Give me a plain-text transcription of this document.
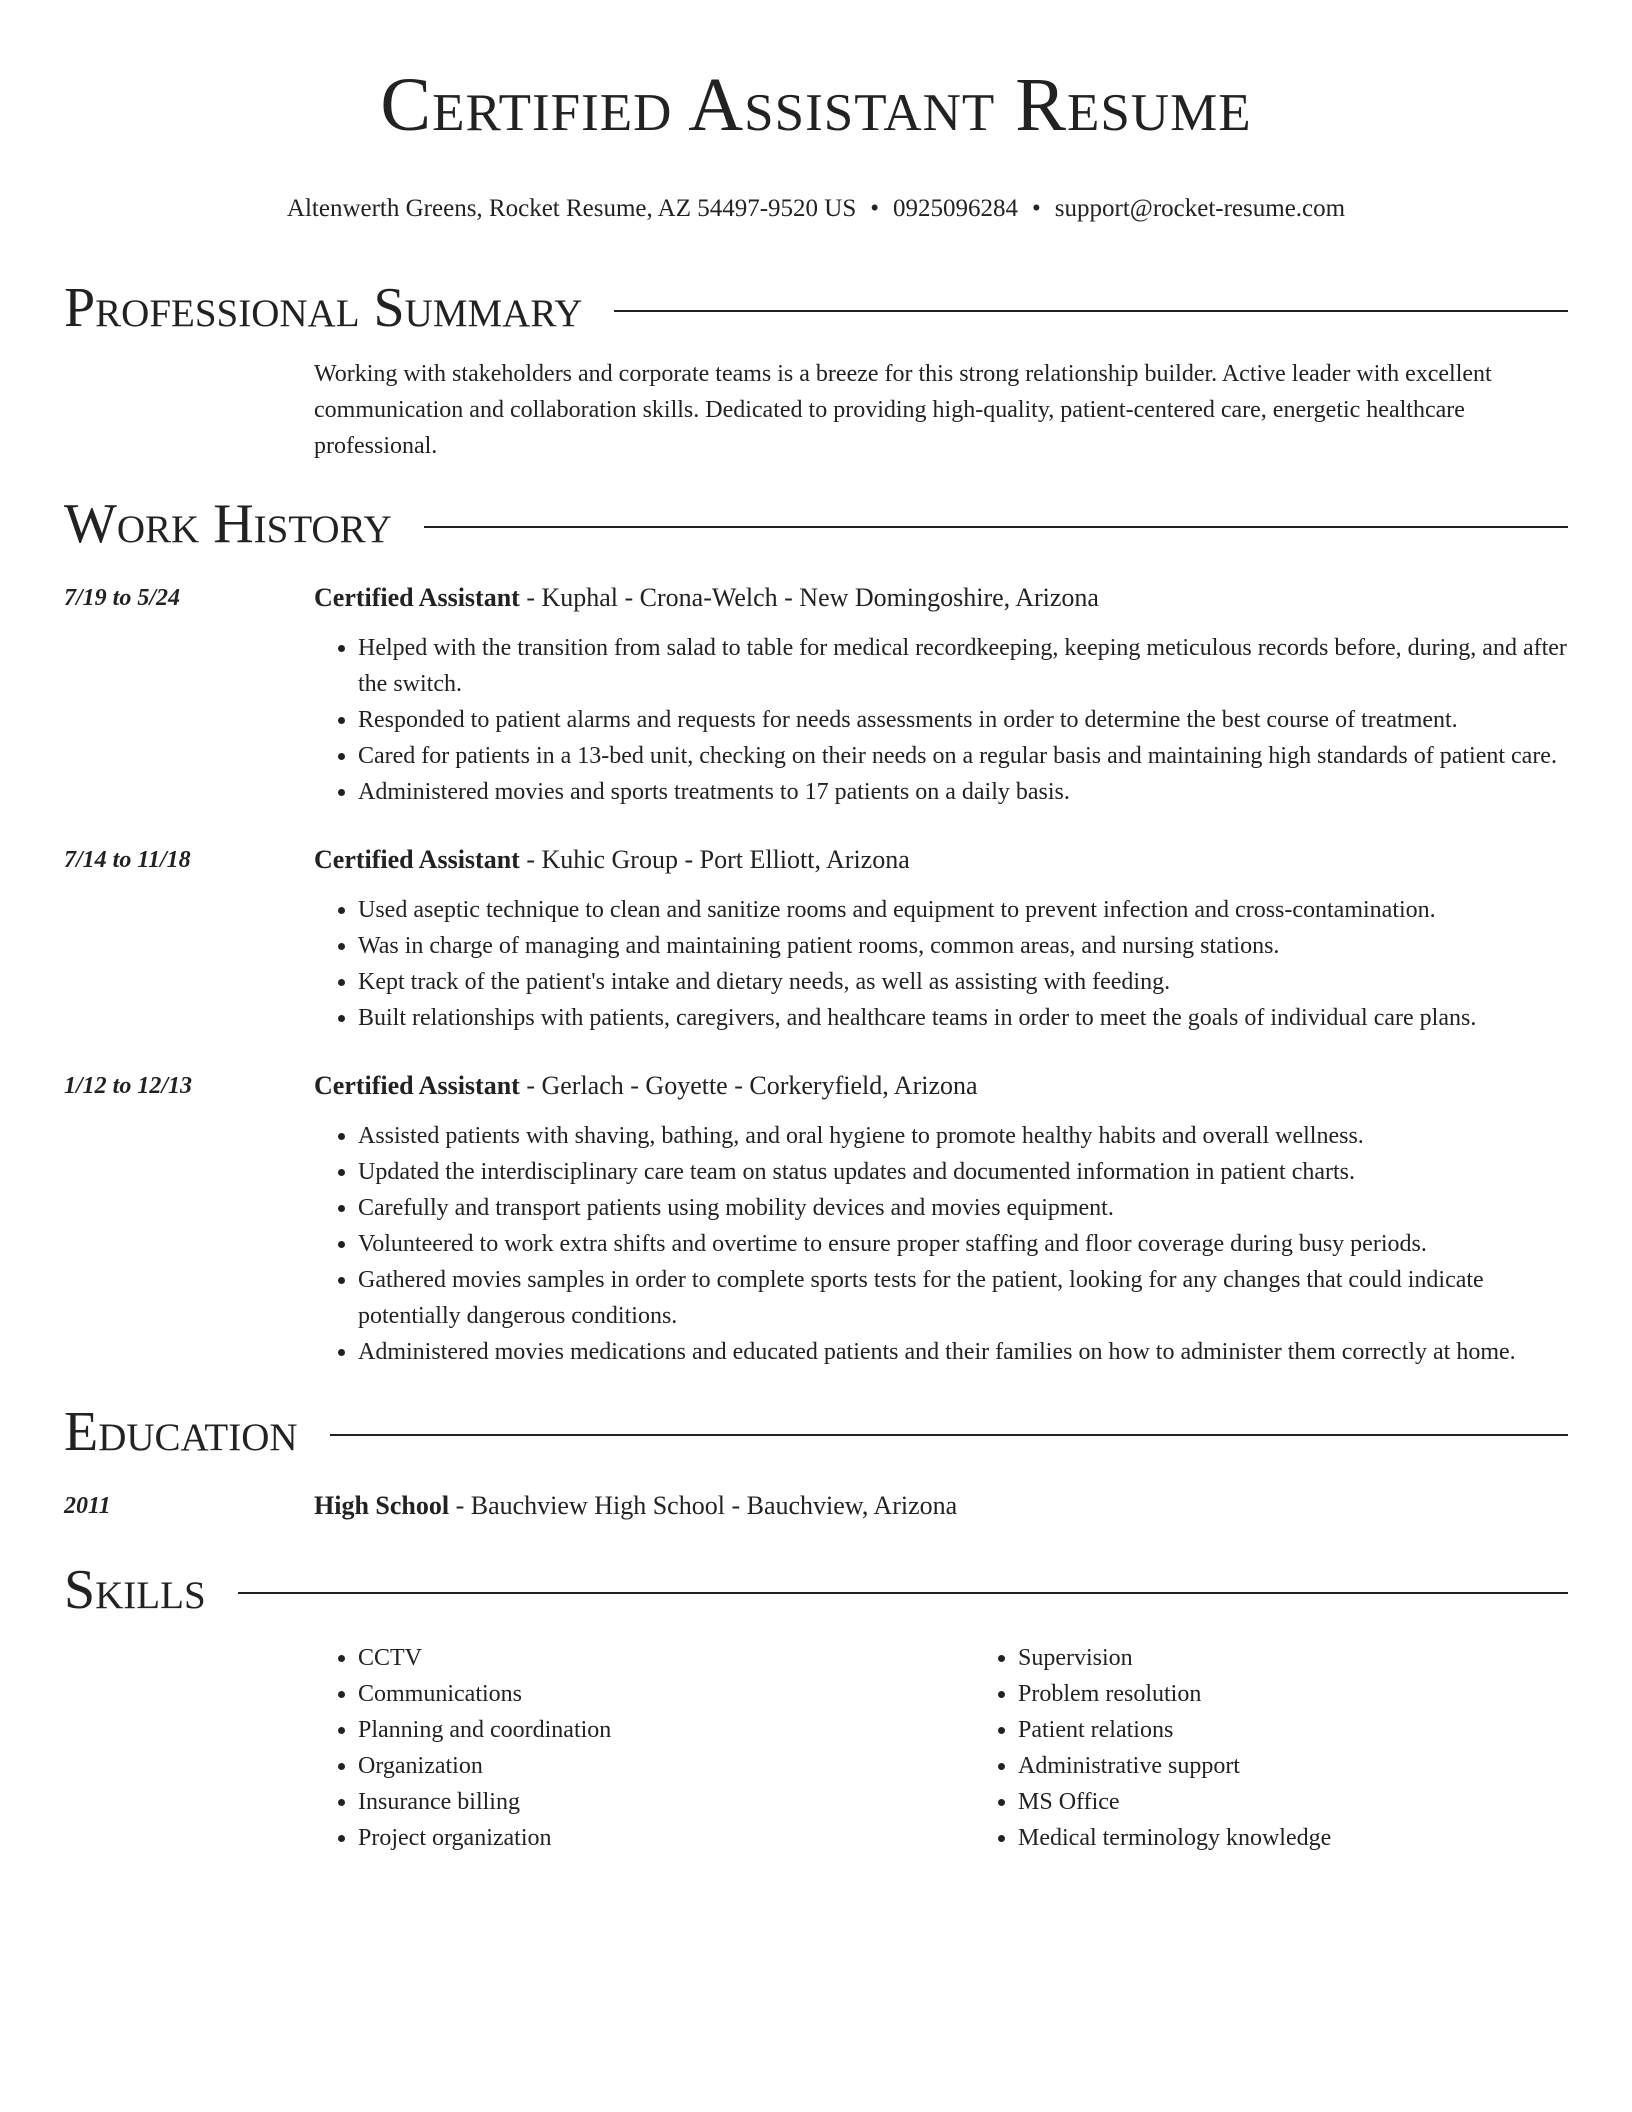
Certified Assistant Resume
Altenwerth Greens, Rocket Resume, AZ 54497-9520 US • 0925096284 • support@rocket-resume.com
Professional Summary
Working with stakeholders and corporate teams is a breeze for this strong relationship builder. Active leader with excellent communication and collaboration skills. Dedicated to providing high-quality, patient-centered care, energetic healthcare professional.
Work History
7/19 to 5/24	Certified Assistant - Kuphal - Crona-Welch - New Domingoshire, Arizona
• Helped with the transition from salad to table for medical recordkeeping, keeping meticulous records before, during, and after the switch.
• Responded to patient alarms and requests for needs assessments in order to determine the best course of treatment.
• Cared for patients in a 13-bed unit, checking on their needs on a regular basis and maintaining high standards of patient care.
• Administered movies and sports treatments to 17 patients on a daily basis.
7/14 to 11/18	Certified Assistant - Kuhic Group - Port Elliott, Arizona
• Used aseptic technique to clean and sanitize rooms and equipment to prevent infection and cross-contamination.
• Was in charge of managing and maintaining patient rooms, common areas, and nursing stations.
• Kept track of the patient's intake and dietary needs, as well as assisting with feeding.
• Built relationships with patients, caregivers, and healthcare teams in order to meet the goals of individual care plans.
1/12 to 12/13	Certified Assistant - Gerlach - Goyette - Corkeryfield, Arizona
• Assisted patients with shaving, bathing, and oral hygiene to promote healthy habits and overall wellness.
• Updated the interdisciplinary care team on status updates and documented information in patient charts.
• Carefully and transport patients using mobility devices and movies equipment.
• Volunteered to work extra shifts and overtime to ensure proper staffing and floor coverage during busy periods.
• Gathered movies samples in order to complete sports tests for the patient, looking for any changes that could indicate potentially dangerous conditions.
• Administered movies medications and educated patients and their families on how to administer them correctly at home.
Education
2011	High School - Bauchview High School - Bauchview, Arizona
Skills
• CCTV
• Communications
• Planning and coordination
• Organization
• Insurance billing
• Project organization
• Supervision
• Problem resolution
• Patient relations
• Administrative support
• MS Office
• Medical terminology knowledge
